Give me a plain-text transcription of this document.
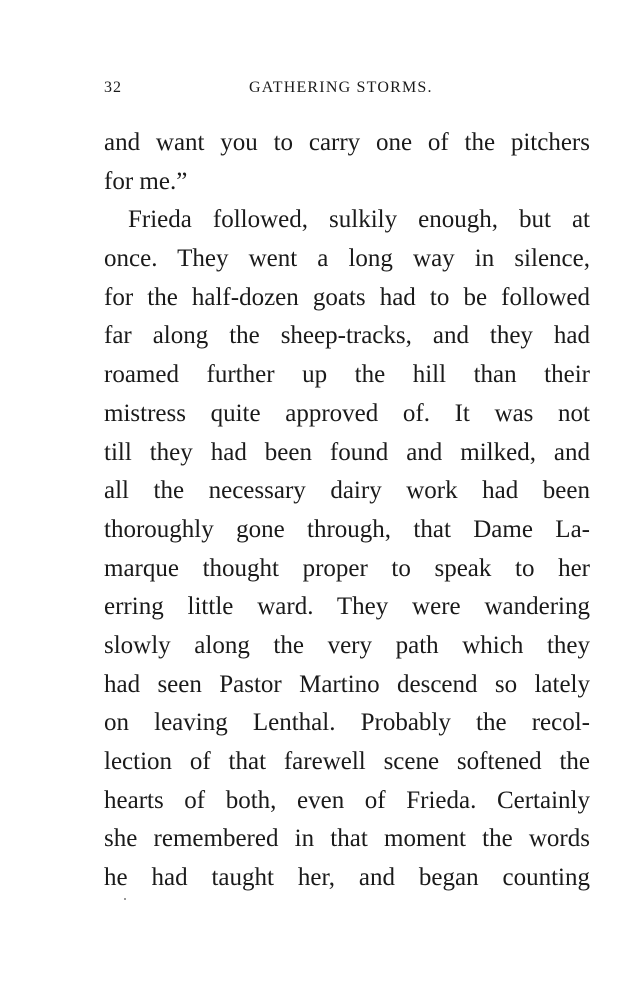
32	GATHERING STORMS.
and want you to carry one of the pitchers
for me.”
Frieda followed, sulkily enough, but at
once. They went a long way in silence,
for the half-dozen goats had to be followed
far along the sheep-tracks, and they had
roamed further up the hill than their
mistress quite approved of. It was not
till they had been found and milked, and
all the necessary dairy work had been
thoroughly gone through, that Dame La-
marque thought proper to speak to her
erring little ward. They were wandering
slowly along the very path which they
had seen Pastor Martino descend so lately
on leaving Lenthal. Probably the recol-
lection of that farewell scene softened the
hearts of both, even of Frieda. Certainly
she remembered in that moment the words
he had taught her, and began counting
